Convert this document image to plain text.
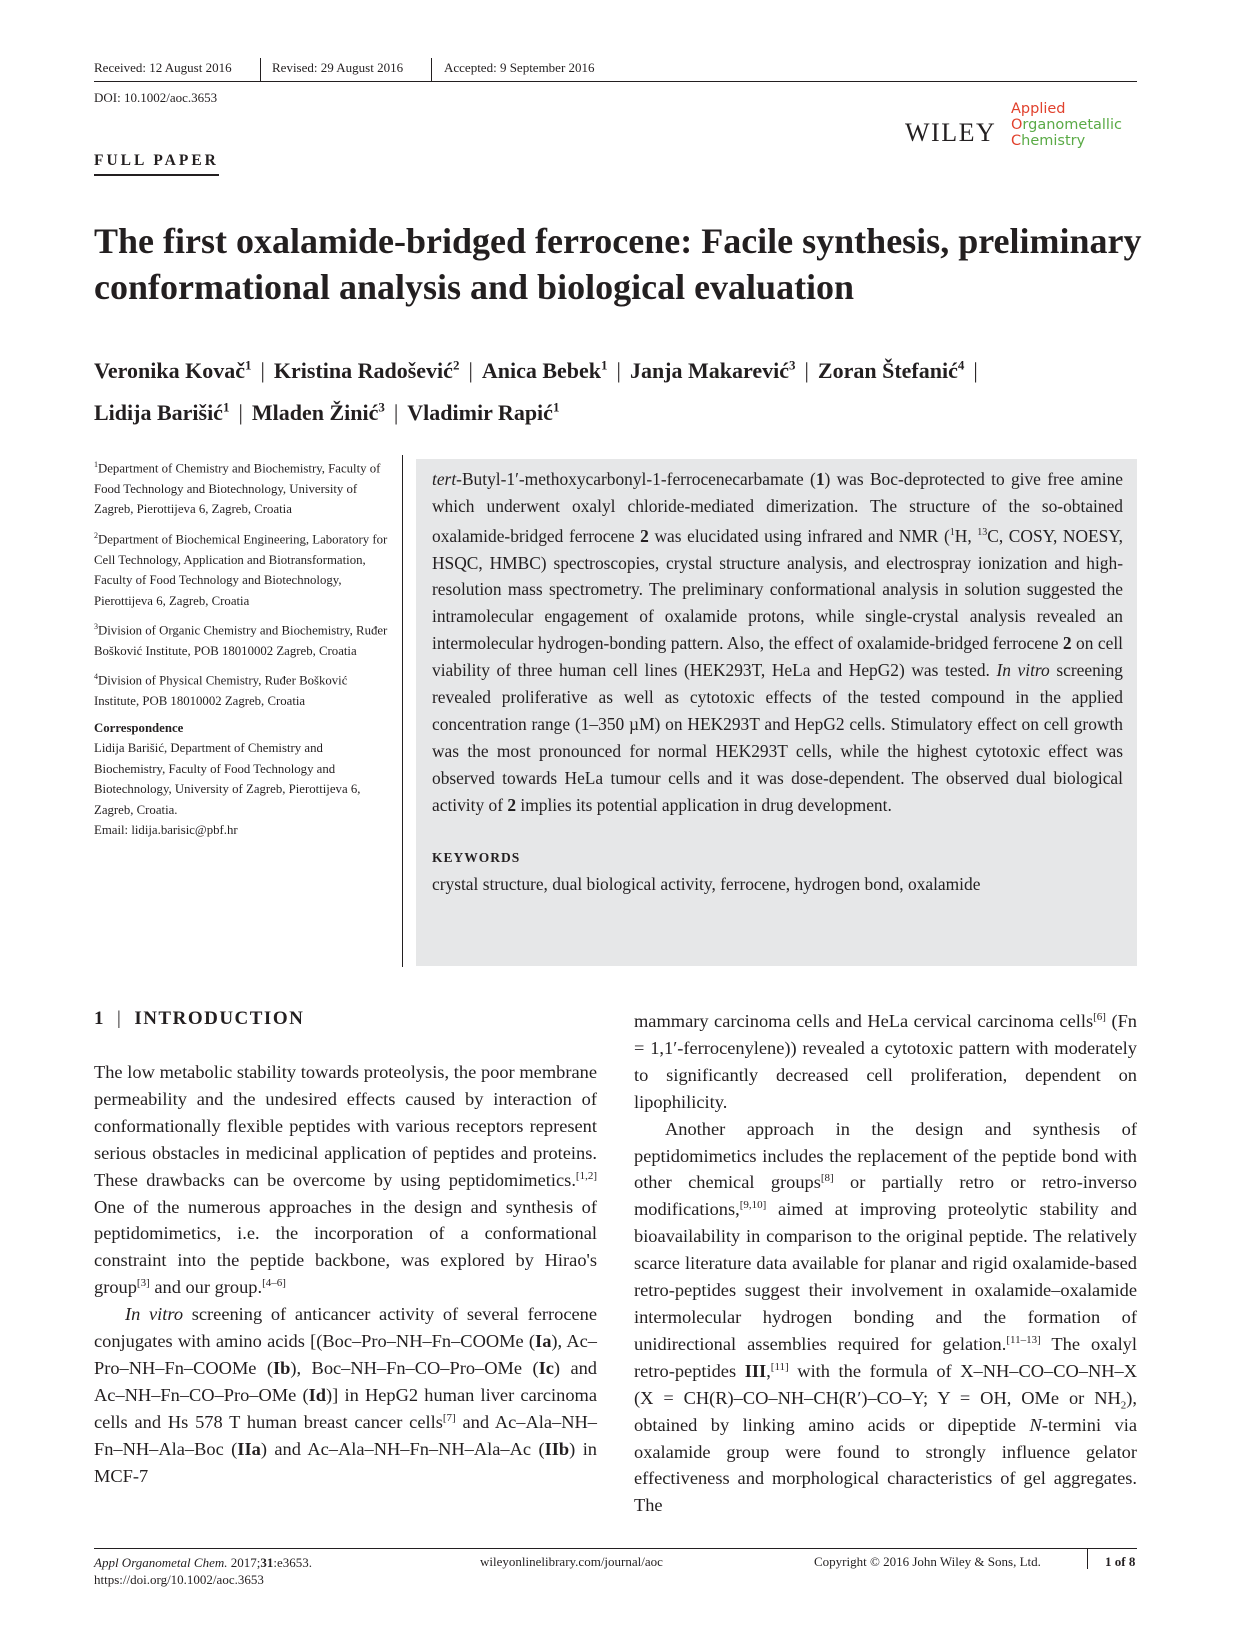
Received: 12 August 2016	Revised: 29 August 2016	Accepted: 9 September 2016
DOI: 10.1002/aoc.3653
WILEY
Applied
Organometallic
Chemistry
FULL PAPER
The first oxalamide-bridged ferrocene: Facile synthesis, preliminary conformational analysis and biological evaluation
Veronika Kovač$^1$ | Kristina Radošević$^2$ | Anica Bebek$^1$ | Janja Makarević$^3$ | Zoran Štefanić$^4$ |
Lidija Barišić$^1$ | Mladen Žinić$^3$ | Vladimir Rapić$^1$
$^1$Department of Chemistry and Biochemistry, Faculty of Food Technology and Biotechnology, University of Zagreb, Pierottijeva 6, Zagreb, Croatia
$^2$Department of Biochemical Engineering, Laboratory for Cell Technology, Application and Biotransformation, Faculty of Food Technology and Biotechnology, Pierottijeva 6, Zagreb, Croatia
$^3$Division of Organic Chemistry and Biochemistry, Ruđer Bošković Institute, POB 18010002 Zagreb, Croatia
$^4$Division of Physical Chemistry, Ruđer Bošković Institute, POB 18010002 Zagreb, Croatia
Correspondence
Lidija Barišić, Department of Chemistry and Biochemistry, Faculty of Food Technology and Biotechnology, University of Zagreb, Pierottijeva 6, Zagreb, Croatia.
Email: lidija.barisic@pbf.hr
tert-Butyl-1′-methoxycarbonyl-1-ferrocenecarbamate (1) was Boc-deprotected to give free amine which underwent oxalyl chloride-mediated dimerization. The structure of the so-obtained oxalamide-bridged ferrocene 2 was elucidated using infrared and NMR ($^1$H, $^{13}$C, COSY, NOESY, HSQC, HMBC) spectroscopies, crystal structure analysis, and electrospray ionization and high-resolution mass spectrometry. The preliminary conformational analysis in solution suggested the intramolecular engagement of oxalamide protons, while single-crystal analysis revealed an intermolecular hydrogen-bonding pattern. Also, the effect of oxalamide-bridged ferrocene 2 on cell viability of three human cell lines (HEK293T, HeLa and HepG2) was tested. In vitro screening revealed proliferative as well as cytotoxic effects of the tested compound in the applied concentration range (1–350 µM) on HEK293T and HepG2 cells. Stimulatory effect on cell growth was the most pronounced for normal HEK293T cells, while the highest cytotoxic effect was observed towards HeLa tumour cells and it was dose-dependent. The observed dual biological activity of 2 implies its potential application in drug development.
KEYWORDS
crystal structure, dual biological activity, ferrocene, hydrogen bond, oxalamide
1 | INTRODUCTION

The low metabolic stability towards proteolysis, the poor membrane permeability and the undesired effects caused by interaction of conformationally flexible peptides with various receptors represent serious obstacles in medicinal application of peptides and proteins. These drawbacks can be overcome by using peptidomimetics.[1,2] One of the numerous approaches in the design and synthesis of peptidomimetics, i.e. the incorporation of a conformational constraint into the peptide backbone, was explored by Hirao's group[3] and our group.[4–6]

In vitro screening of anticancer activity of several ferrocene conjugates with amino acids [(Boc–Pro–NH–Fn–COOMe (Ia), Ac–Pro–NH–Fn–COOMe (Ib), Boc–NH–Fn–CO–Pro–OMe (Ic) and Ac–NH–Fn–CO–Pro–OMe (Id)] in HepG2 human liver carcinoma cells and Hs 578 T human breast cancer cells[7] and Ac–Ala–NH–Fn–NH–Ala–Boc (IIa) and Ac–Ala–NH–Fn–NH–Ala–Ac (IIb) in MCF-7

mammary carcinoma cells and HeLa cervical carcinoma cells[6] (Fn = 1,1′-ferrocenylene)) revealed a cytotoxic pattern with moderately to significantly decreased cell proliferation, dependent on lipophilicity.

Another approach in the design and synthesis of peptidomimetics includes the replacement of the peptide bond with other chemical groups[8] or partially retro or retro-inverso modifications,[9,10] aimed at improving proteolytic stability and bioavailability in comparison to the original peptide. The relatively scarce literature data available for planar and rigid oxalamide-based retro-peptides suggest their involvement in oxalamide–oxalamide intermolecular hydrogen bonding and the formation of unidirectional assemblies required for gelation.[11–13] The oxalyl retro-peptides III,[11] with the formula of X–NH–CO–CO–NH–X (X = CH(R)–CO–NH–CH(R′)–CO–Y; Y = OH, OMe or $NH_2$), obtained by linking amino acids or dipeptide N-termini via oxalamide group were found to strongly influence gelator effectiveness and morphological characteristics of gel aggregates. The

Appl Organometal Chem. 2017;31:e3653.
https://doi.org/10.1002/aoc.3653
wileyonlinelibrary.com/journal/aoc	Copyright © 2016 John Wiley & Sons, Ltd.	1 of 8
